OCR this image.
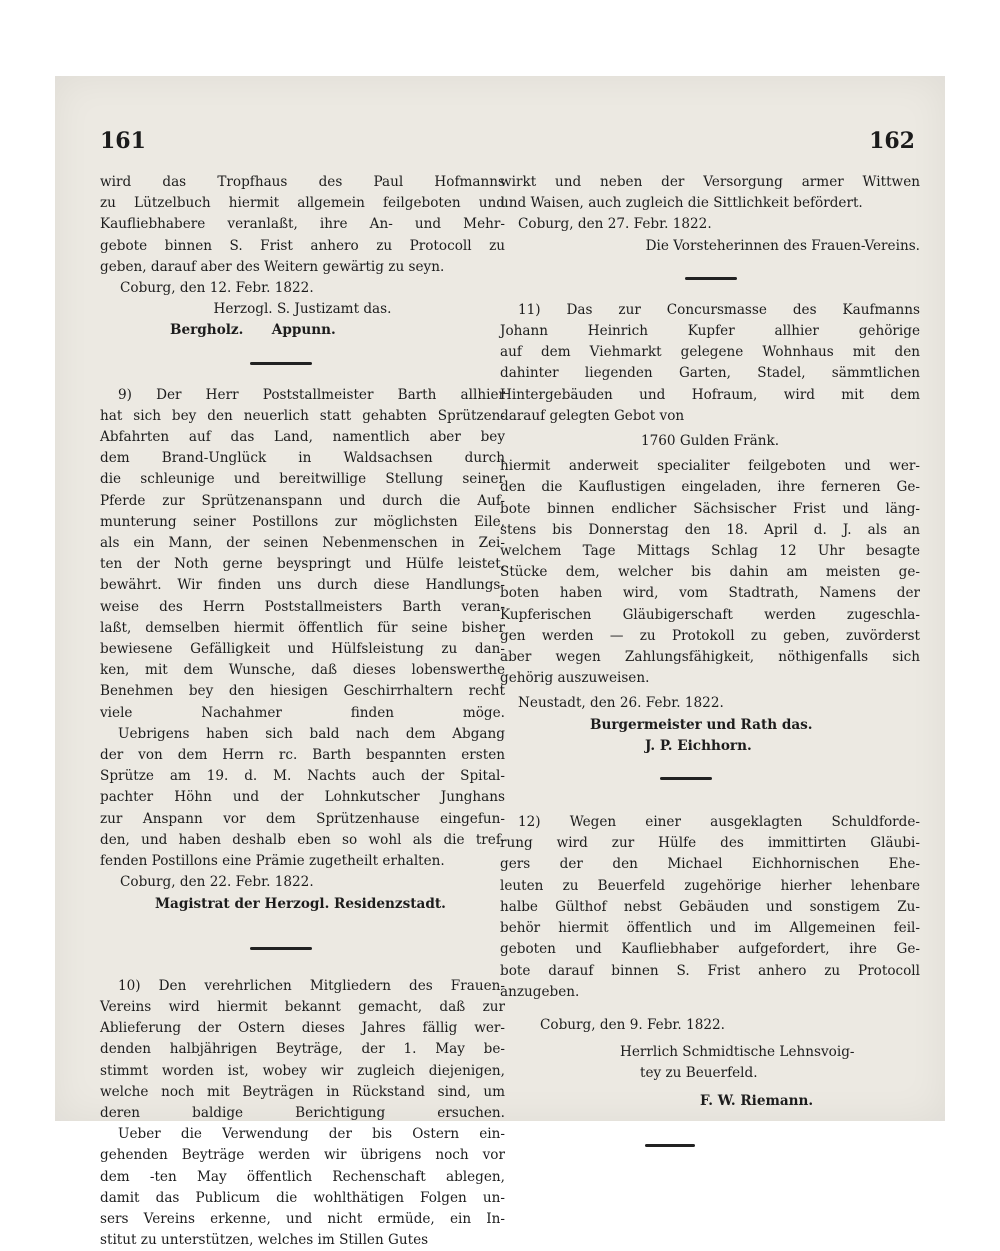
161	162
wird das Tropfhaus des Paul Hofmanns
zu Lützelbuch hiermit allgemein feilgeboten und
Kaufliebhabere veranlaßt, ihre An- und Mehr-
gebote binnen S. Frist anhero zu Protocoll zu
geben, darauf aber des Weitern gewärtig zu seyn.
Coburg, den 12. Febr. 1822.
Herzogl. S. Justizamt das.
Bergholz.      Appunn.
9) Der Herr Poststallmeister Barth allhier
hat sich bey den neuerlich statt gehabten Sprützen-
Abfahrten auf das Land, namentlich aber bey
dem Brand-Unglück in Waldsachsen durch
die schleunige und bereitwillige Stellung seiner
Pferde zur Sprützenanspann und durch die Auf-
munterung seiner Postillons zur möglichsten Eile,
als ein Mann, der seinen Nebenmenschen in Zei-
ten der Noth gerne beyspringt und Hülfe leistet,
bewährt. Wir finden uns durch diese Handlungs-
weise des Herrn Poststallmeisters Barth veran-
laßt, demselben hiermit öffentlich für seine bisher
bewiesene Gefälligkeit und Hülfsleistung zu dan-
ken, mit dem Wunsche, daß dieses lobenswerthe
Benehmen bey den hiesigen Geschirrhaltern recht
viele Nachahmer finden möge.
Uebrigens haben sich bald nach dem Abgang
der von dem Herrn rc. Barth bespannten ersten
Sprütze am 19. d. M. Nachts auch der Spital-
pachter Höhn und der Lohnkutscher Junghans
zur Anspann vor dem Sprützenhause eingefun-
den, und haben deshalb eben so wohl als die tref-
fenden Postillons eine Prämie zugetheilt erhalten.
Coburg, den 22. Febr. 1822.
Magistrat der Herzogl. Residenzstadt.
10) Den verehrlichen Mitgliedern des Frauen-
Vereins wird hiermit bekannt gemacht, daß zur
Ablieferung der Ostern dieses Jahres fällig wer-
denden halbjährigen Beyträge, der 1. May be-
stimmt worden ist, wobey wir zugleich diejenigen,
welche noch mit Beyträgen in Rückstand sind, um
deren baldige Berichtigung ersuchen.
Ueber die Verwendung der bis Ostern ein-
gehenden Beyträge werden wir übrigens noch vor
dem -ten May öffentlich Rechenschaft ablegen,
damit das Publicum die wohlthätigen Folgen un-
sers Vereins erkenne, und nicht ermüde, ein In-
stitut zu unterstützen, welches im Stillen Gutes
wirkt und neben der Versorgung armer Wittwen
und Waisen, auch zugleich die Sittlichkeit befördert.
Coburg, den 27. Febr. 1822.
Die Vorsteherinnen des Frauen-Vereins.
11) Das zur Concursmasse des Kaufmanns
Johann Heinrich Kupfer allhier gehörige
auf dem Viehmarkt gelegene Wohnhaus mit den
dahinter liegenden Garten, Stadel, sämmtlichen
Hintergebäuden und Hofraum, wird mit dem
darauf gelegten Gebot von
1760 Gulden Fränk.
hiermit anderweit specialiter feilgeboten und wer-
den die Kauflustigen eingeladen, ihre ferneren Ge-
bote binnen endlicher Sächsischer Frist und läng-
stens bis Donnerstag den 18. April d. J. als an
welchem Tage Mittags Schlag 12 Uhr besagte
Stücke dem, welcher bis dahin am meisten ge-
boten haben wird, vom Stadtrath, Namens der
Kupferischen Gläubigerschaft werden zugeschla-
gen werden — zu Protokoll zu geben, zuvörderst
aber wegen Zahlungsfähigkeit, nöthigenfalls sich
gehörig auszuweisen.
Neustadt, den 26. Febr. 1822.
Burgermeister und Rath das.
J. P. Eichhorn.
12) Wegen einer ausgeklagten Schuldforde-
rung wird zur Hülfe des immittirten Gläubi-
gers der den Michael Eichhornischen Ehe-
leuten zu Beuerfeld zugehörige hierher lehenbare
halbe Gülthof nebst Gebäuden und sonstigem Zu-
behör hiermit öffentlich und im Allgemeinen feil-
geboten und Kaufliebhaber aufgefordert, ihre Ge-
bote darauf binnen S. Frist anhero zu Protocoll
anzugeben.
Coburg, den 9. Febr. 1822.
Herrlich Schmidtische Lehnsvoig-
tey zu Beuerfeld.
F. W. Riemann.
